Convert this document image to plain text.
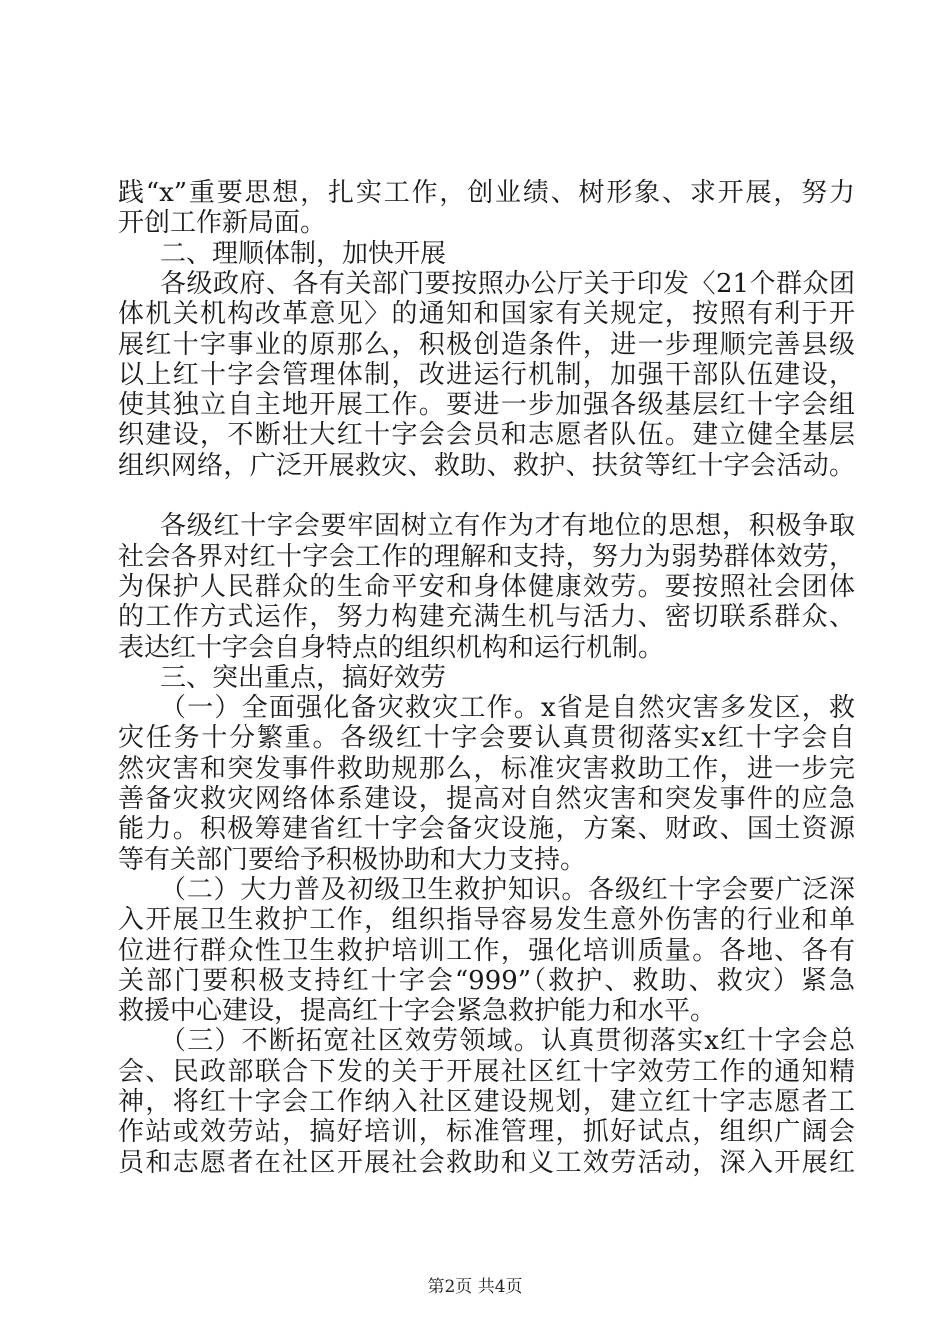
践“x”重要思想，扎实工作，创业绩、树形象、求开展，努力
开创工作新局面。
二、理顺体制，加快开展
各级政府、各有关部门要按照办公厅关于印发〈21个群众团
体机关机构改革意见〉的通知和国家有关规定，按照有利于开
展红十字事业的原那么，积极创造条件，进一步理顺完善县级
以上红十字会管理体制，改进运行机制，加强干部队伍建设，
使其独立自主地开展工作。要进一步加强各级基层红十字会组
织建设，不断壮大红十字会会员和志愿者队伍。建立健全基层
组织网络，广泛开展救灾、救助、救护、扶贫等红十字会活动。
各级红十字会要牢固树立有作为才有地位的思想，积极争取
社会各界对红十字会工作的理解和支持，努力为弱势群体效劳，
为保护人民群众的生命平安和身体健康效劳。要按照社会团体
的工作方式运作，努力构建充满生机与活力、密切联系群众、
表达红十字会自身特点的组织机构和运行机制。
三、突出重点，搞好效劳
（一）全面强化备灾救灾工作。x省是自然灾害多发区，救
灾任务十分繁重。各级红十字会要认真贯彻落实x红十字会自
然灾害和突发事件救助规那么，标准灾害救助工作，进一步完
善备灾救灾网络体系建设，提高对自然灾害和突发事件的应急
能力。积极筹建省红十字会备灾设施，方案、财政、国土资源
等有关部门要给予积极协助和大力支持。
（二）大力普及初级卫生救护知识。各级红十字会要广泛深
入开展卫生救护工作，组织指导容易发生意外伤害的行业和单
位进行群众性卫生救护培训工作，强化培训质量。各地、各有
关部门要积极支持红十字会“999”（救护、救助、救灾）紧急
救援中心建设，提高红十字会紧急救护能力和水平。
（三）不断拓宽社区效劳领域。认真贯彻落实x红十字会总
会、民政部联合下发的关于开展社区红十字效劳工作的通知精
神，将红十字会工作纳入社区建设规划，建立红十字志愿者工
作站或效劳站，搞好培训，标准管理，抓好试点，组织广阔会
员和志愿者在社区开展社会救助和义工效劳活动，深入开展红
第2页 共4页
